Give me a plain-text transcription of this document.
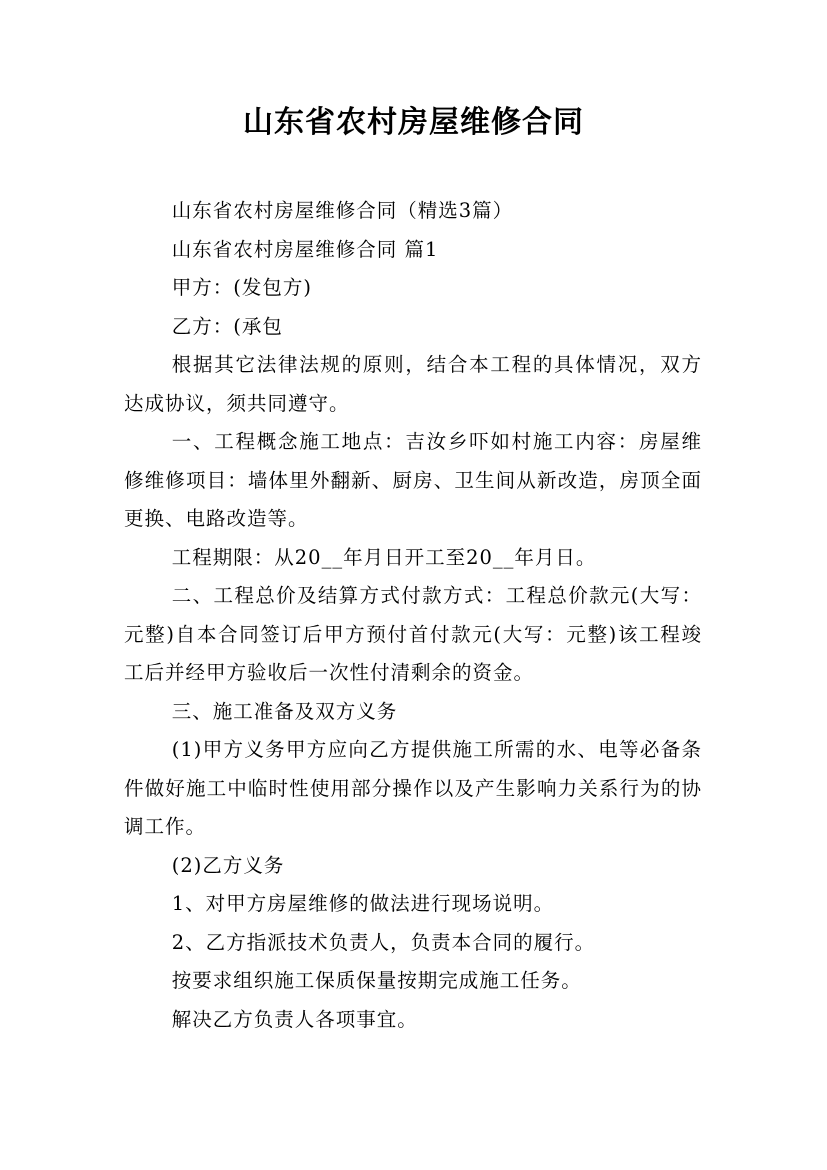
山东省农村房屋维修合同

山东省农村房屋维修合同（精选3篇）

山东省农村房屋维修合同 篇1

甲方：(发包方)

乙方：(承包

根据其它法律法规的原则，结合本工程的具体情况，双方达成协议，须共同遵守。

一、工程概念施工地点：吉汝乡吓如村施工内容：房屋维修维修项目：墙体里外翻新、厨房、卫生间从新改造，房顶全面更换、电路改造等。

工程期限：从20__年月日开工至20__年月日。

二、工程总价及结算方式付款方式：工程总价款元(大写：元整)自本合同签订后甲方预付首付款元(大写：元整)该工程竣工后并经甲方验收后一次性付清剩余的资金。

三、施工准备及双方义务

(1)甲方义务甲方应向乙方提供施工所需的水、电等必备条件做好施工中临时性使用部分操作以及产生影响力关系行为的协调工作。

(2)乙方义务

1、对甲方房屋维修的做法进行现场说明。

2、乙方指派技术负责人，负责本合同的履行。

按要求组织施工保质保量按期完成施工任务。

解决乙方负责人各项事宜。
